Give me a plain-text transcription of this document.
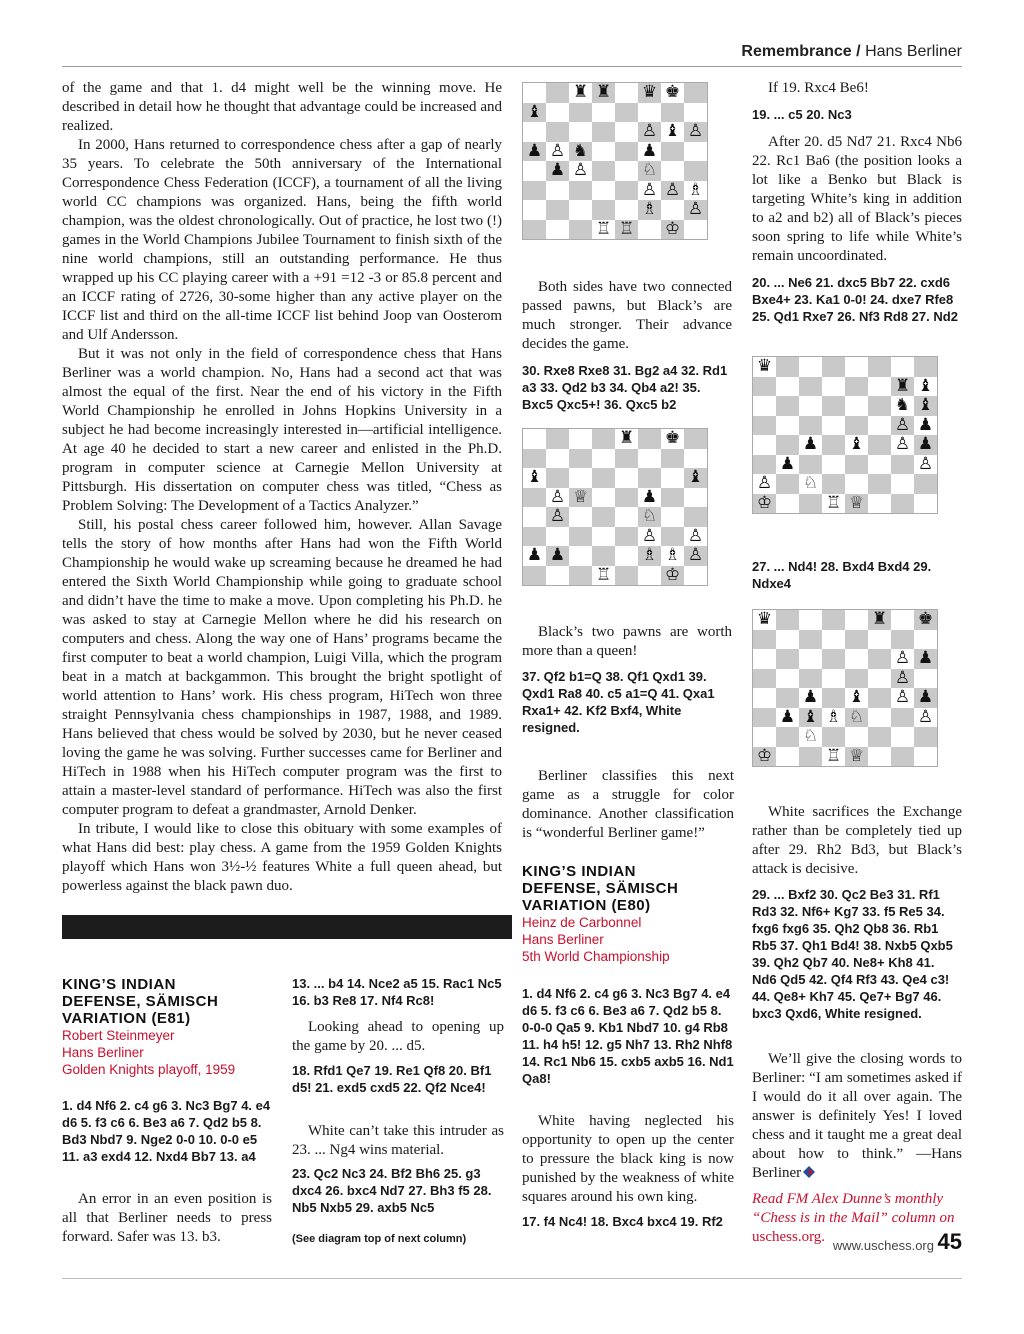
Remembrance / Hans Berliner

of the game and that 1. d4 might well be the winning move. He described in detail how he thought that advantage could be increased and realized.

In 2000, Hans returned to correspondence chess after a gap of nearly 35 years. To celebrate the 50th anniversary of the International Correspondence Chess Federation (ICCF), a tournament of all the living world CC champions was organized. Hans, being the fifth world champion, was the oldest chronologically. Out of practice, he lost two (!) games in the World Champions Jubilee Tournament to finish sixth of the nine world champions, still an outstanding performance. He thus wrapped up his CC playing career with a +91 =12 -3 or 85.8 percent and an ICCF rating of 2726, 30-some higher than any active player on the ICCF list and third on the all-time ICCF list behind Joop van Oosterom and Ulf Andersson.

But it was not only in the field of correspondence chess that Hans Berliner was a world champion. No, Hans had a second act that was almost the equal of the first. Near the end of his victory in the Fifth World Championship he enrolled in Johns Hopkins University in a subject he had become increasingly interested in—artificial intelligence. At age 40 he decided to start a new career and enlisted in the Ph.D. program in computer science at Carnegie Mellon University at Pittsburgh. His dissertation on computer chess was titled, “Chess as Problem Solving: The Development of a Tactics Analyzer.”

Still, his postal chess career followed him, however. Allan Savage tells the story of how months after Hans had won the Fifth World Championship he would wake up screaming because he dreamed he had entered the Sixth World Championship while going to graduate school and didn’t have the time to make a move. Upon completing his Ph.D. he was asked to stay at Carnegie Mellon where he did his research on computers and chess. Along the way one of Hans’ programs became the first computer to beat a world champion, Luigi Villa, which the program beat in a match at backgammon. This brought the bright spotlight of world attention to Hans’ work. His chess program, HiTech won three straight Pennsylvania chess championships in 1987, 1988, and 1989. Hans believed that chess would be solved by 2030, but he never ceased loving the game he was solving. Further successes came for Berliner and HiTech in 1988 when his HiTech computer program was the first to attain a master-level standard of performance. HiTech was also the first computer program to defeat a grandmaster, Arnold Denker.

In tribute, I would like to close this obituary with some examples of what Hans did best: play chess. A game from the 1959 Golden Knights playoff which Hans won 3½-½ features White a full queen ahead, but powerless against the black pawn duo.

KING’S INDIAN

DEFENSE, SÄMISCH

VARIATION (E81)

Robert Steinmeyer

Hans Berliner

Golden Knights playoff, 1959

1. d4 Nf6 2. c4 g6 3. Nc3 Bg7 4. e4 d6 5. f3 c6 6. Be3 a6 7. Qd2 b5 8. Bd3 Nbd7 9. Nge2 0-0 10. 0-0 e5 11. a3 exd4 12. Nxd4 Bb7 13. a4

An error in an even position is all that Berliner needs to press forward. Safer was 13. b3.

13. ... b4 14. Nce2 a5 15. Rac1 Nc5 16. b3 Re8 17. Nf4 Rc8!

Looking ahead to opening up the game by 20. ... d5.

18. Rfd1 Qe7 19. Re1 Qf8 20. Bf1 d5! 21. exd5 cxd5 22. Qf2 Nce4!

White can’t take this intruder as 23. ... Ng4 wins material.

23. Qc2 Nc3 24. Bf2 Bh6 25. g3 dxc4 26. bxc4 Nd7 27. Bh3 f5 28. Nb5 Nxb5 29. axb5 Nc5
(See diagram top of next column)
♜ ♜ ♛ ♚
♝
♙ ♝ ♙
♟ ♙ ♞	♟
♟ ♙	♘
♙ ♙ ♗
♗ ♙
♖ ♖ ♔

Both sides have two connected passed pawns, but Black’s are much stronger. Their advance decides the game.

30. Rxe8 Rxe8 31. Bg2 a4 32. Rd1 a3 33. Qd2 b3 34. Qb4 a2! 35. Bxc5 Qxc5+! 36. Qxc5 b2
♜ ♚
♝	♝
♙ ♕	♟
♙	♘
♙ ♙
♟ ♟	♗ ♗ ♙
♖	♔

Black’s two pawns are worth more than a queen!

37. Qf2 b1=Q 38. Qf1 Qxd1 39. Qxd1 Ra8 40. c5 a1=Q 41. Qxa1 Rxa1+ 42. Kf2 Bxf4, White resigned.

Berliner classifies this next game as a struggle for color dominance. Another classification is “wonderful Berliner game!”

KING’S INDIAN

DEFENSE, SÄMISCH

VARIATION (E80)

Heinz de Carbonnel

Hans Berliner

5th World Championship

1. d4 Nf6 2. c4 g6 3. Nc3 Bg7 4. e4 d6 5. f3 c6 6. Be3 a6 7. Qd2 b5 8. 0-0-0 Qa5 9. Kb1 Nbd7 10. g4 Rb8 11. h4 h5! 12. g5 Nh7 13. Rh2 Nhf8 14. Rc1 Nb6 15. cxb5 axb5 16. Nd1 Qa8!

White having neglected his opportunity to open up the center to pressure the black king is now punished by the weakness of white squares around his own king.

17. f4 Nc4! 18. Bxc4 bxc4 19. Rf2

If 19. Rxc4 Be6!

19. ... c5 20. Nc3

After 20. d5 Nd7 21. Rxc4 Nb6 22. Rc1 Ba6 (the position looks a lot like a Benko but Black is targeting White’s king in addition to a2 and b2) all of Black’s pieces soon spring to life while White’s remain uncoordinated.

20. ... Ne6 21. dxc5 Bb7 22. cxd6 Bxe4+ 23. Ka1 0-0! 24. dxe7 Rfe8 25. Qd1 Rxe7 26. Nf3 Rd8 27. Nd2
♛
♜ ♝
♞ ♝
♙ ♟
♟ ♝ ♙ ♟
♟	♙
♙ ♘
♔	♖ ♕
27. ... Nd4! 28. Bxd4 Bxd4 29. Ndxe4
♛	♜ ♚
♙ ♟
♙
♟ ♝ ♙ ♟
♟ ♝ ♗ ♘	♙
♘
♔	♖ ♕

White sacrifices the Exchange rather than be completely tied up after 29. Rh2 Bd3, but Black’s attack is decisive.

29. ... Bxf2 30. Qc2 Be3 31. Rf1 Rd3 32. Nf6+ Kg7 33. f5 Re5 34. fxg6 fxg6 35. Qh2 Qb8 36. Rb1 Rb5 37. Qh1 Bd4! 38. Nxb5 Qxb5 39. Qh2 Qb7 40. Ne8+ Kh8 41. Nd6 Qd5 42. Qf4 Rf3 43. Qe4 c3! 44. Qe8+ Kh7 45. Qe7+ Bg7 46. bxc3 Qxd6, White resigned.

We’ll give the closing words to Berliner: “I am sometimes asked if I would do it all over again. The answer is definitely Yes! I loved chess and it taught me a great deal about how to think.” —Hans Berliner

Read FM Alex Dunne’s monthly “Chess is in the Mail” column on

uschess.org.

www.uschess.org 45
